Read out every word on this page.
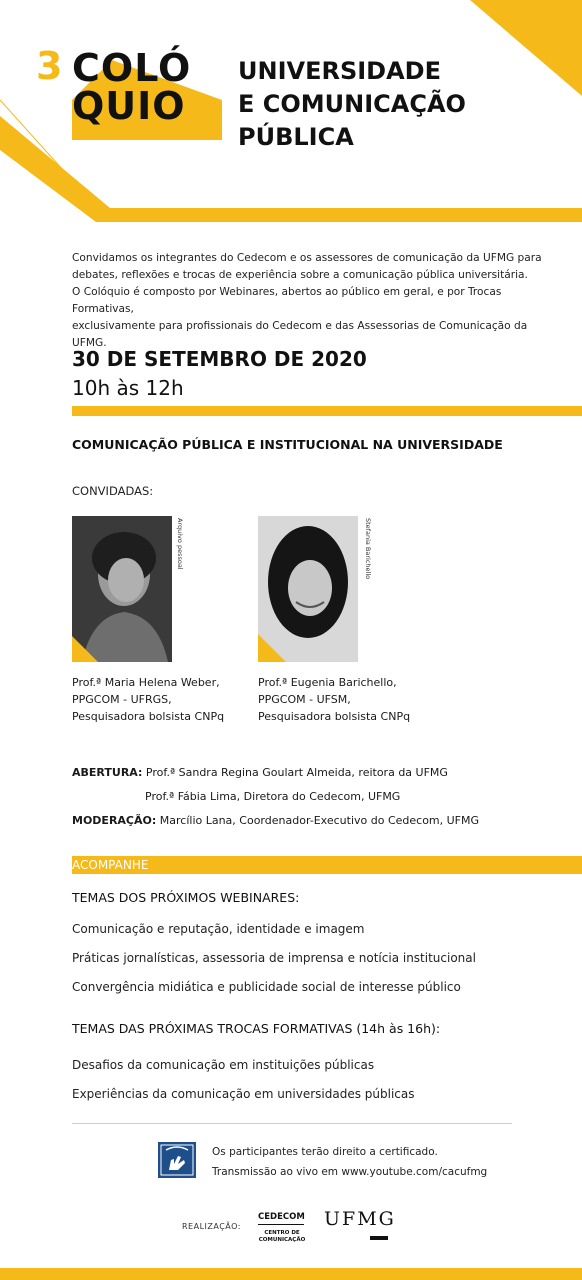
3 COLÓ
QUIO
UNIVERSIDADE
E COMUNICAÇÃO
PÚBLICA
Convidamos os integrantes do Cedecom e os assessores de comunicação da UFMG para
debates, reflexões e trocas de experiência sobre a comunicação pública universitária.
O Colóquio é composto por Webinares, abertos ao público em geral, e por Trocas Formativas,
exclusivamente para profissionais do Cedecom e das Assessorias de Comunicação da UFMG.
30 DE SETEMBRO DE 2020
10h às 12h
COMUNICAÇÃO PÚBLICA E INSTITUCIONAL NA UNIVERSIDADE
CONVIDADAS:
Arquivo pessoal
Prof.ª Maria Helena Weber,
PPGCOM - UFRGS,
Pesquisadora bolsista CNPq
Stefania Barichello
Prof.ª Eugenia Barichello,
PPGCOM - UFSM,
Pesquisadora bolsista CNPq
ABERTURA: Prof.ª Sandra Regina Goulart Almeida, reitora da UFMG
Prof.ª Fábia Lima, Diretora do Cedecom, UFMG
MODERAÇÃO: Marcílio Lana, Coordenador-Executivo do Cedecom, UFMG
ACOMPANHE
TEMAS DOS PRÓXIMOS WEBINARES:
Comunicação e reputação, identidade e imagem
Práticas jornalísticas, assessoria de imprensa e notícia institucional
Convergência midiática e publicidade social de interesse público
TEMAS DAS PRÓXIMAS TROCAS FORMATIVAS (14h às 16h):
Desafios da comunicação em instituições públicas
Experiências da comunicação em universidades públicas
Os participantes terão direito a certificado.
Transmissão ao vivo em www.youtube.com/cacufmg
REALIZAÇÃO:
CEDECOM
CENTRO DE COMUNICAÇÃO
UFMG
